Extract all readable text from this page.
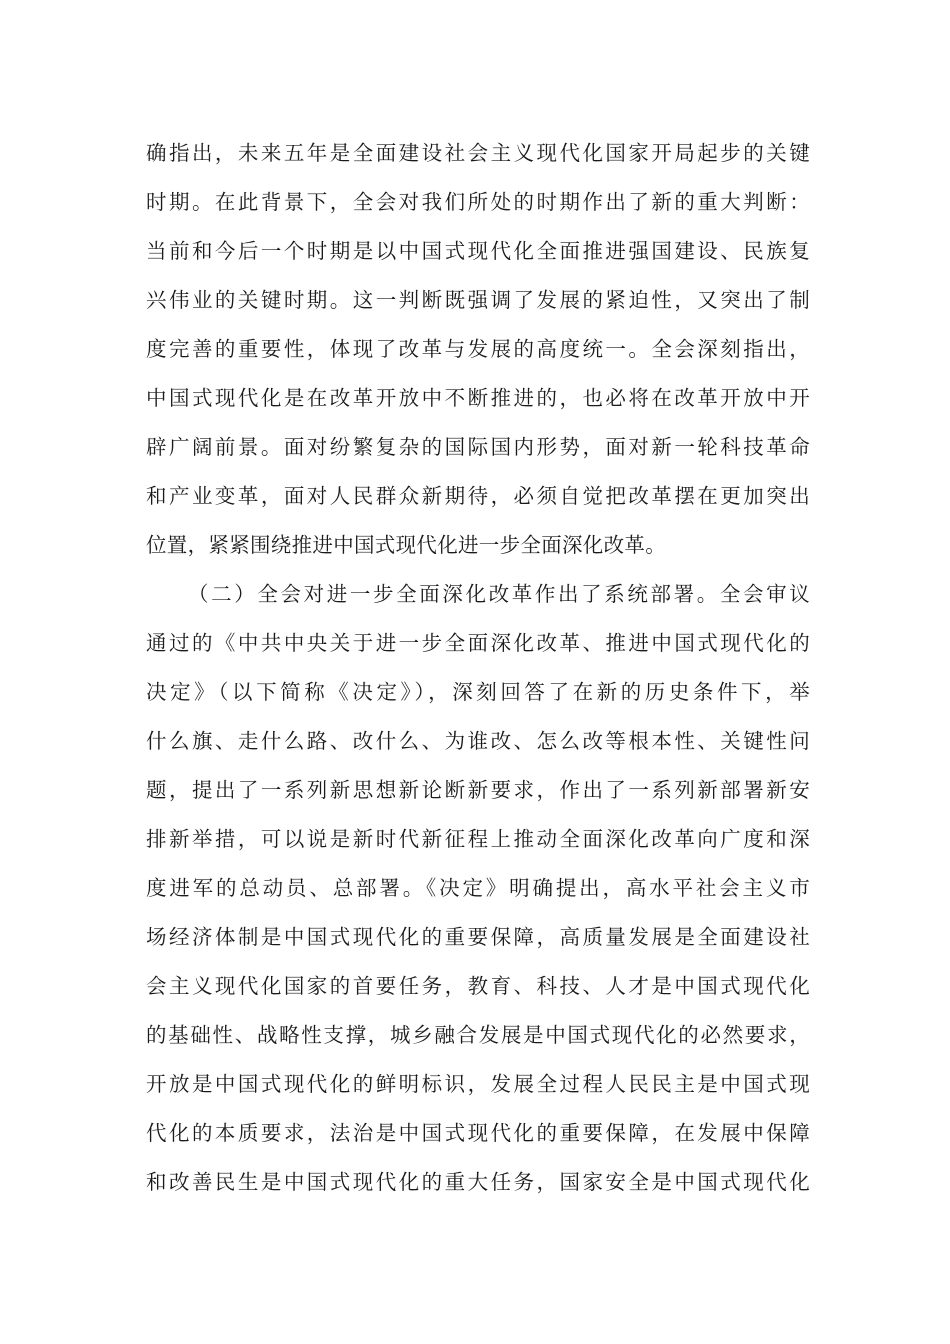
确指出，未来五年是全面建设社会主义现代化国家开局起步的关键
时期。在此背景下，全会对我们所处的时期作出了新的重大判断：
当前和今后一个时期是以中国式现代化全面推进强国建设、民族复
兴伟业的关键时期。这一判断既强调了发展的紧迫性，又突出了制
度完善的重要性，体现了改革与发展的高度统一。全会深刻指出，
中国式现代化是在改革开放中不断推进的，也必将在改革开放中开
辟广阔前景。面对纷繁复杂的国际国内形势，面对新一轮科技革命
和产业变革，面对人民群众新期待，必须自觉把改革摆在更加突出
位置，紧紧围绕推进中国式现代化进一步全面深化改革。
（二）全会对进一步全面深化改革作出了系统部署。全会审议
通过的《中共中央关于进一步全面深化改革、推进中国式现代化的
决定》（以下简称《决定》），深刻回答了在新的历史条件下，举
什么旗、走什么路、改什么、为谁改、怎么改等根本性、关键性问
题，提出了一系列新思想新论断新要求，作出了一系列新部署新安
排新举措，可以说是新时代新征程上推动全面深化改革向广度和深
度进军的总动员、总部署。《决定》明确提出，高水平社会主义市
场经济体制是中国式现代化的重要保障，高质量发展是全面建设社
会主义现代化国家的首要任务，教育、科技、人才是中国式现代化
的基础性、战略性支撑，城乡融合发展是中国式现代化的必然要求，
开放是中国式现代化的鲜明标识，发展全过程人民民主是中国式现
代化的本质要求，法治是中国式现代化的重要保障，在发展中保障
和改善民生是中国式现代化的重大任务，国家安全是中国式现代化
